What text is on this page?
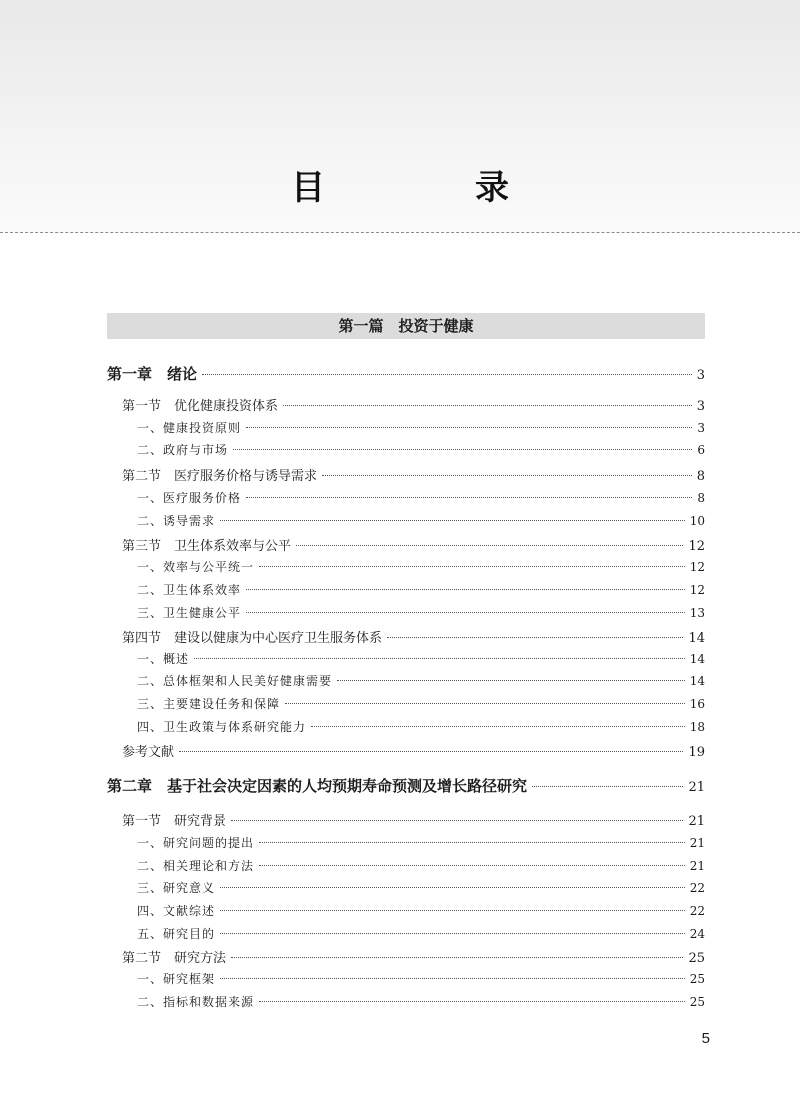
目　录
第一篇　投资于健康
第一章　绪论	3
第一节　优化健康投资体系	3
一、健康投资原则	3
二、政府与市场	6
第二节　医疗服务价格与诱导需求	8
一、医疗服务价格	8
二、诱导需求	10
第三节　卫生体系效率与公平	12
一、效率与公平统一	12
二、卫生体系效率	12
三、卫生健康公平	13
第四节　建设以健康为中心医疗卫生服务体系	14
一、概述	14
二、总体框架和人民美好健康需要	14
三、主要建设任务和保障	16
四、卫生政策与体系研究能力	18
参考文献	19
第二章　基于社会决定因素的人均预期寿命预测及增长路径研究	21
第一节　研究背景	21
一、研究问题的提出	21
二、相关理论和方法	21
三、研究意义	22
四、文献综述	22
五、研究目的	24
第二节　研究方法	25
一、研究框架	25
二、指标和数据来源	25
5
